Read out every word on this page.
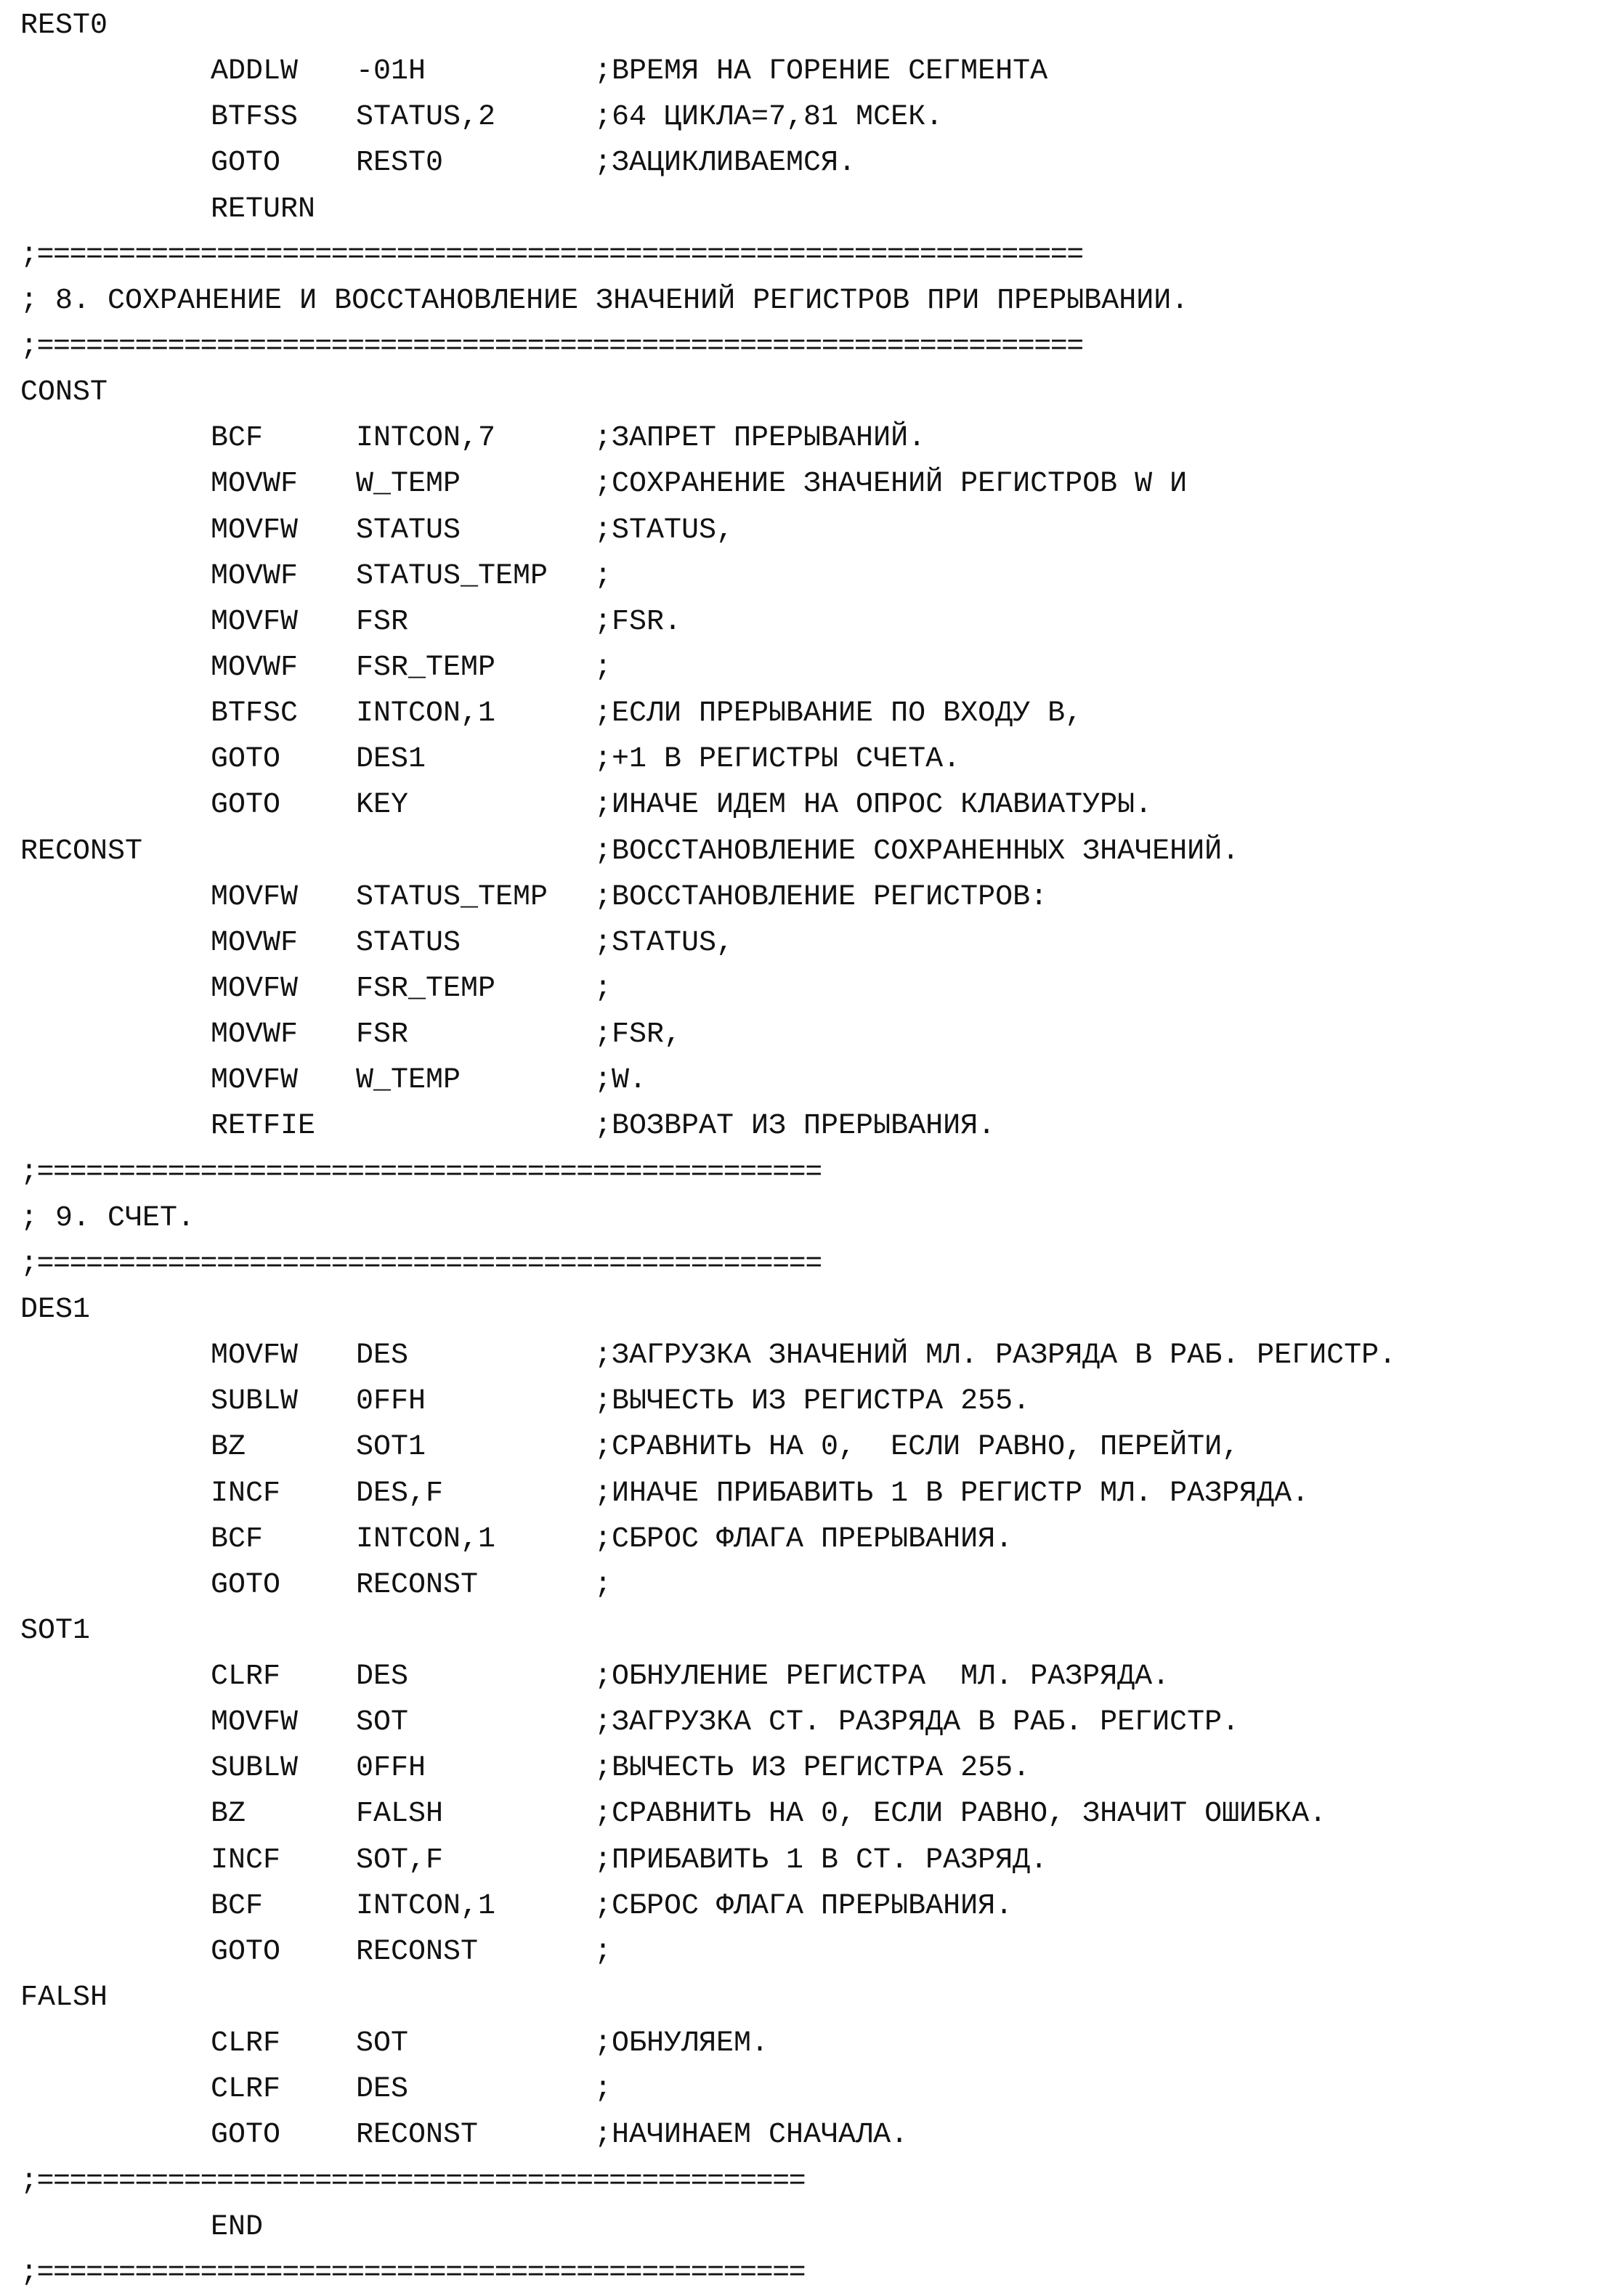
REST0
ADDLW -01H	;ВРЕМЯ НА ГОРЕНИЕ СЕГМЕНТА
BTFSS STATUS,2	;64 ЦИКЛА=7,81 МСЕК.
GOTO	REST0	;ЗАЦИКЛИВАЕМСЯ.
RETURN
;================================================================
; 8. СОХРАНЕНИЕ И ВОССТАНОВЛЕНИЕ ЗНАЧЕНИЙ РЕГИСТРОВ ПРИ ПРЕРЫВАНИИ.
;================================================================
CONST
BCF	INTCON,7	;ЗАПРЕТ ПРЕРЫВАНИЙ.
MOVWF W_TEMP	;СОХРАНЕНИЕ ЗНАЧЕНИЙ РЕГИСТРОВ W И
MOVFW STATUS	;STATUS,
MOVWF STATUS_TEMP ;
MOVFW FSR	;FSR.
MOVWF FSR_TEMP	;
BTFSC INTCON,1	;ЕСЛИ ПРЕРЫВАНИЕ ПО ВХОДУ В,
GOTO	DES1	;+1 В РЕГИСТРЫ СЧЕТА.
GOTO	KEY	;ИНАЧЕ ИДЕМ НА ОПРОС КЛАВИАТУРЫ.
RECONST	;ВОССТАНОВЛЕНИЕ СОХРАНЕННЫХ ЗНАЧЕНИЙ.
MOVFW STATUS_TEMP ;ВОССТАНОВЛЕНИЕ РЕГИСТРОВ:
MOVWF STATUS	;STATUS,
MOVFW FSR_TEMP	;
MOVWF FSR	;FSR,
MOVFW W_TEMP	;W.
RETFIE	;ВОЗВРАТ ИЗ ПРЕРЫВАНИЯ.
;================================================
; 9. СЧЕТ.
;================================================
DES1
MOVFW DES	;ЗАГРУЗКА ЗНАЧЕНИЙ МЛ. РАЗРЯДА В РАБ. РЕГИСТР.
SUBLW 0FFH	;ВЫЧЕСТЬ ИЗ РЕГИСТРА 255.
BZ	SOT1	;СРАВНИТЬ НА 0,  ЕСЛИ РАВНО, ПЕРЕЙТИ,
INCF	DES,F	;ИНАЧЕ ПРИБАВИТЬ 1 В РЕГИСТР МЛ. РАЗРЯДА.
BCF	INTCON,1	;СБРОС ФЛАГА ПРЕРЫВАНИЯ.
GOTO	RECONST	;
SOT1
CLRF	DES	;ОБНУЛЕНИЕ РЕГИСТРА  МЛ. РАЗРЯДА.
MOVFW SOT	;ЗАГРУЗКА СТ. РАЗРЯДА В РАБ. РЕГИСТР.
SUBLW 0FFH	;ВЫЧЕСТЬ ИЗ РЕГИСТРА 255.
BZ	FALSH	;СРАВНИТЬ НА 0, ЕСЛИ РАВНО, ЗНАЧИТ ОШИБКА.
INCF	SOT,F	;ПРИБАВИТЬ 1 В СТ. РАЗРЯД.
BCF	INTCON,1	;СБРОС ФЛАГА ПРЕРЫВАНИЯ.
GOTO	RECONST	;
FALSH
CLRF	SOT	;ОБНУЛЯЕМ.
CLRF	DES	;
GOTO	RECONST	;НАЧИНАЕМ СНАЧАЛА.
;===============================================
END
;===============================================
